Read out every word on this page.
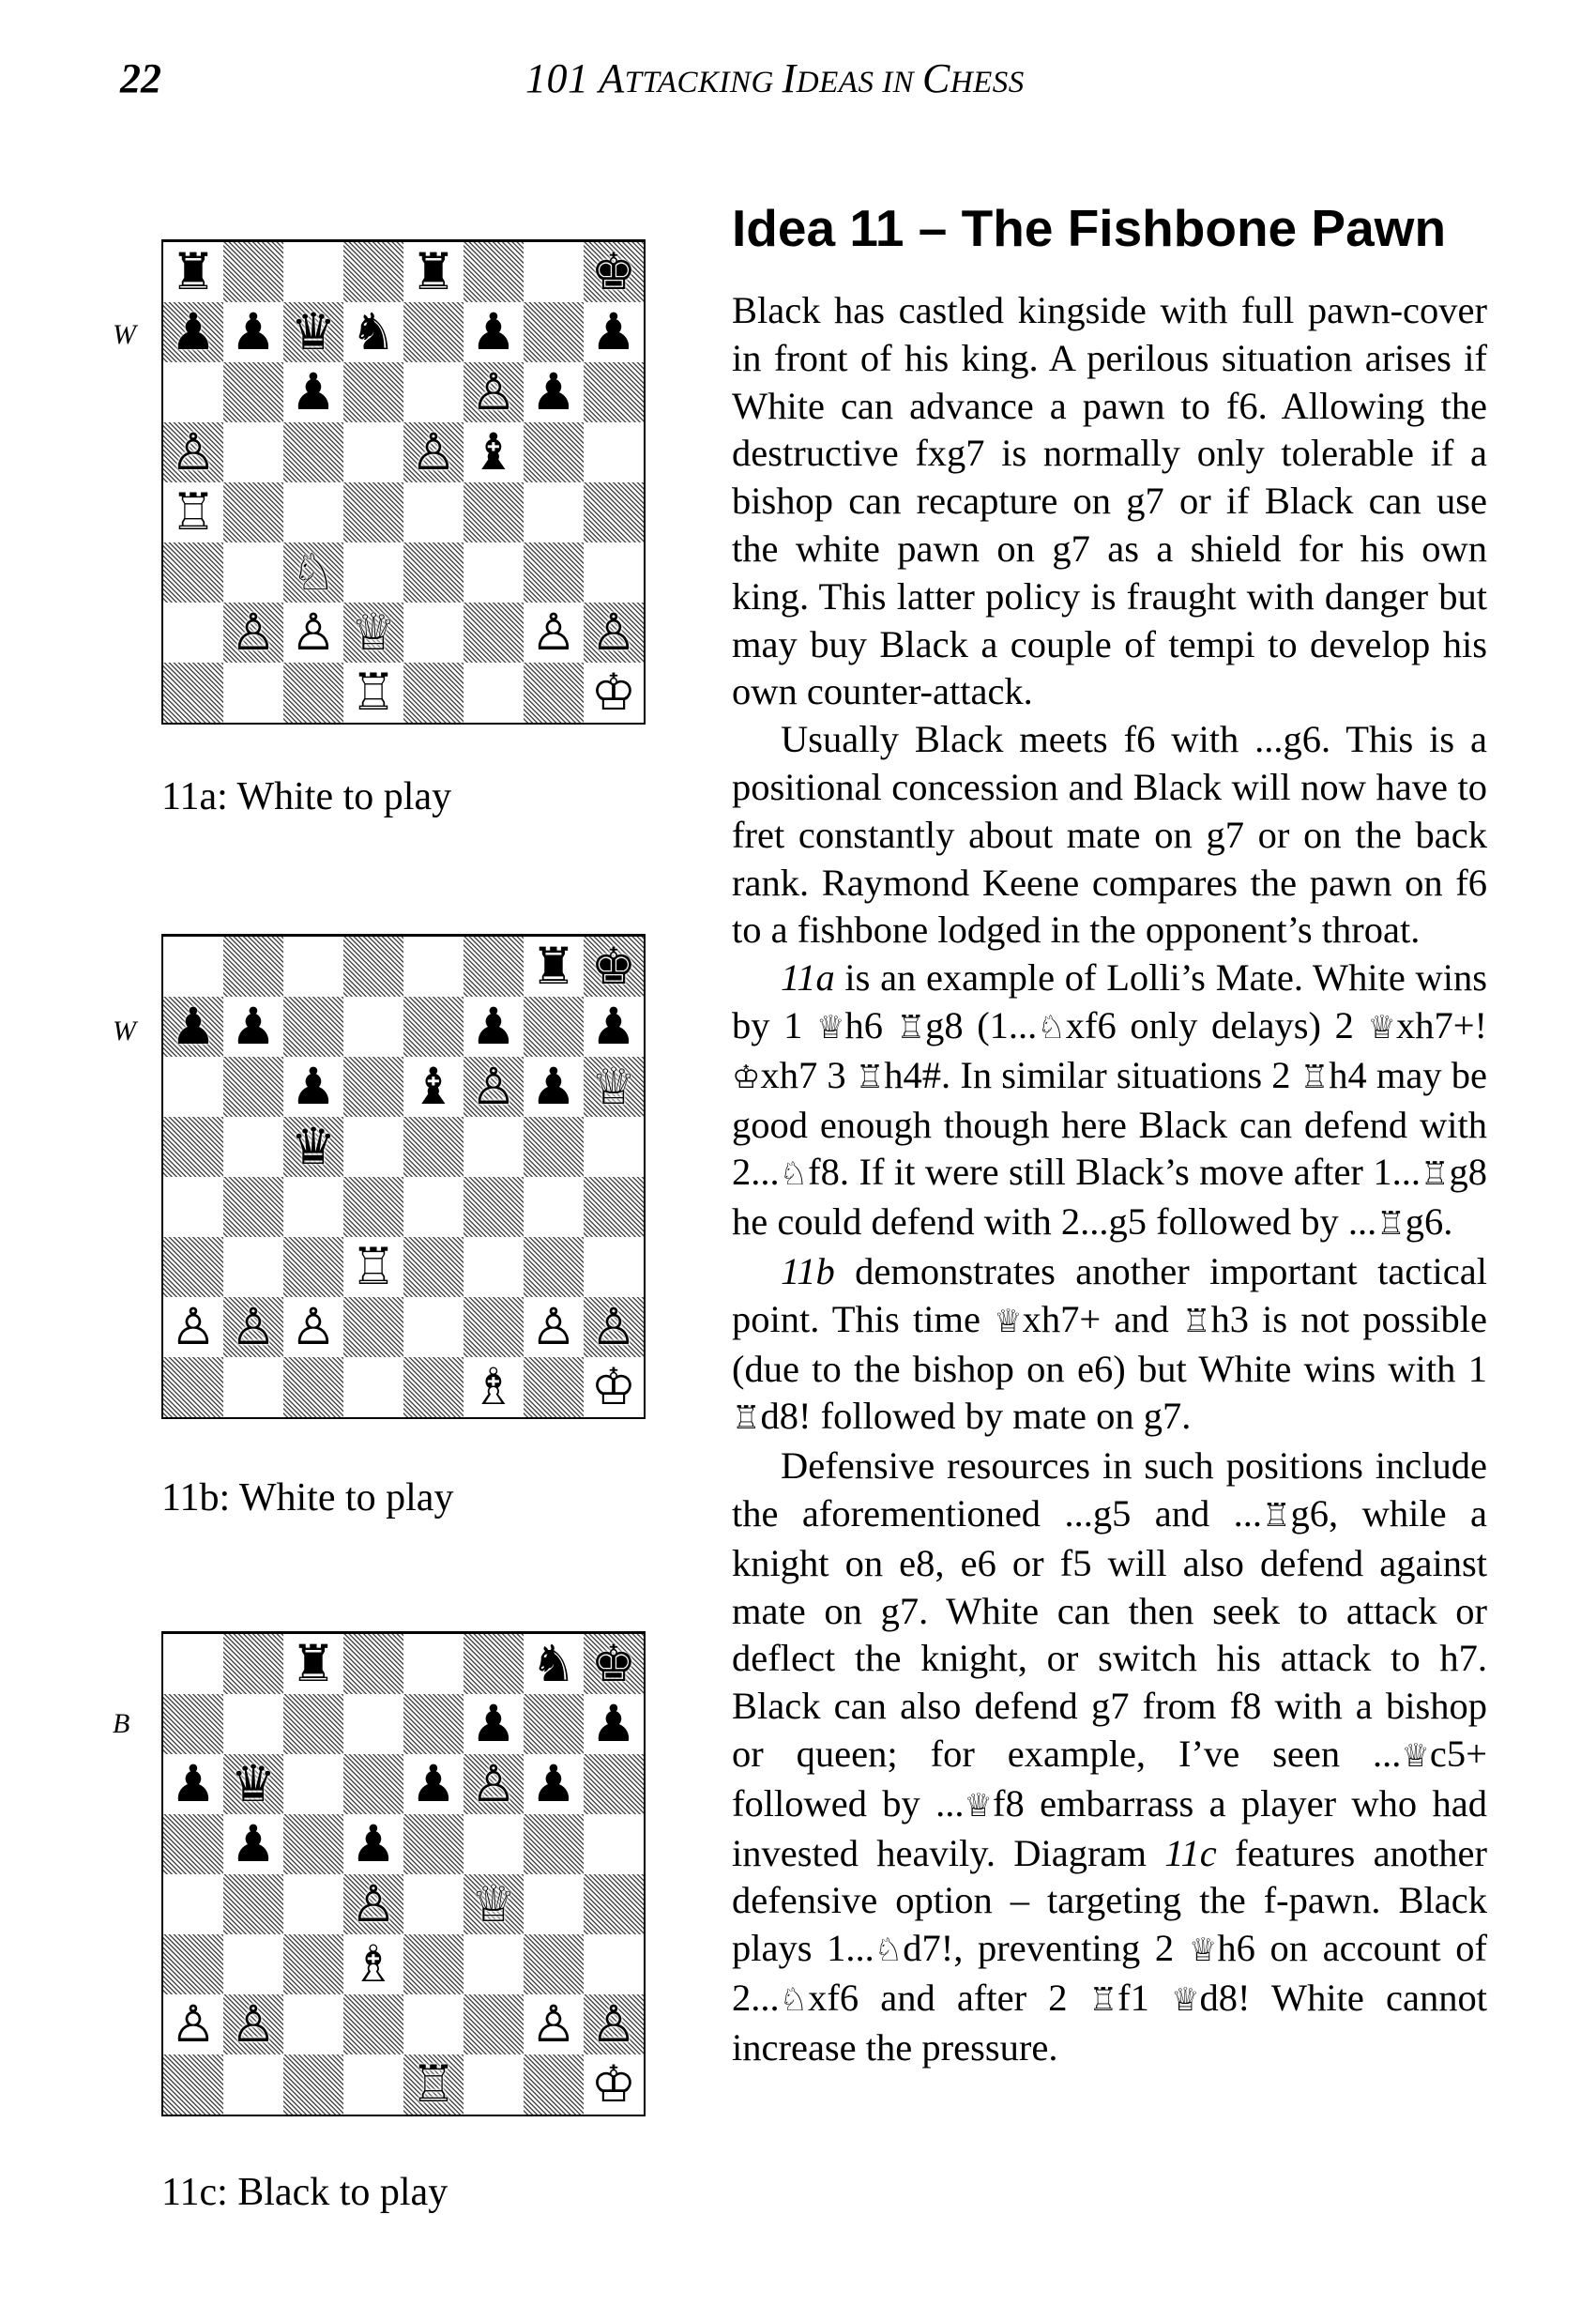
22	101 ATTACKING IDEAS IN CHESS
W
♜	♜	♚
♟ ♟ ♛ ♞ ♟ ♟
♟	♙ ♟
♙	♙ ♝
♖
♘
♙ ♙ ♕	♙ ♙
♖	♔
11a: White to play
W
♜ ♚
♟ ♟	♟ ♟
♟ ♝ ♙ ♟ ♕
♛
♖
♙ ♙ ♙	♙ ♙
♗ ♔
11b: White to play
B
♜	♞ ♚
♟ ♟
♟ ♛	♟ ♙ ♟
♟ ♟
♙ ♕
♗
♙ ♙	♙ ♙
♖	♔
11c: Black to play
Idea 11 – The Fishbone Pawn

Black has castled kingside with full pawn-cover in front of his king. A perilous situation arises if White can advance a pawn to f6. Allowing the destructive fxg7 is normally only tolerable if a bishop can recapture on g7 or if Black can use the white pawn on g7 as a shield for his own king. This latter policy is fraught with danger but may buy Black a couple of tempi to develop his own counter-attack.

Usually Black meets f6 with ...g6. This is a positional concession and Black will now have to fret constantly about mate on g7 or on the back rank. Raymond Keene compares the pawn on f6 to a fishbone lodged in the opponent’s throat.

11a is an example of Lolli’s Mate. White wins by 1 ♕h6 ♖g8 (1...♘xf6 only delays) 2 ♕xh7+! ♔xh7 3 ♖h4#. In similar situations 2 ♖h4 may be good enough though here Black can defend with 2...♘f8. If it were still Black’s move after 1...♖g8 he could defend with 2...g5 followed by ...♖g6.

11b demonstrates another important tactical point. This time ♕xh7+ and ♖h3 is not possible (due to the bishop on e6) but White wins with 1 ♖d8! followed by mate on g7.

Defensive resources in such positions include the aforementioned ...g5 and ...♖g6, while a knight on e8, e6 or f5 will also defend against mate on g7. White can then seek to attack or deflect the knight, or switch his attack to h7. Black can also defend g7 from f8 with a bishop or queen; for example, I’ve seen ...♕c5+ followed by ...♕f8 embarrass a player who had invested heavily. Diagram 11c features another defensive option – targeting the f-pawn. Black plays 1...♘d7!, preventing 2 ♕h6 on account of 2...♘xf6 and after 2 ♖f1 ♕d8! White cannot increase the pressure.
